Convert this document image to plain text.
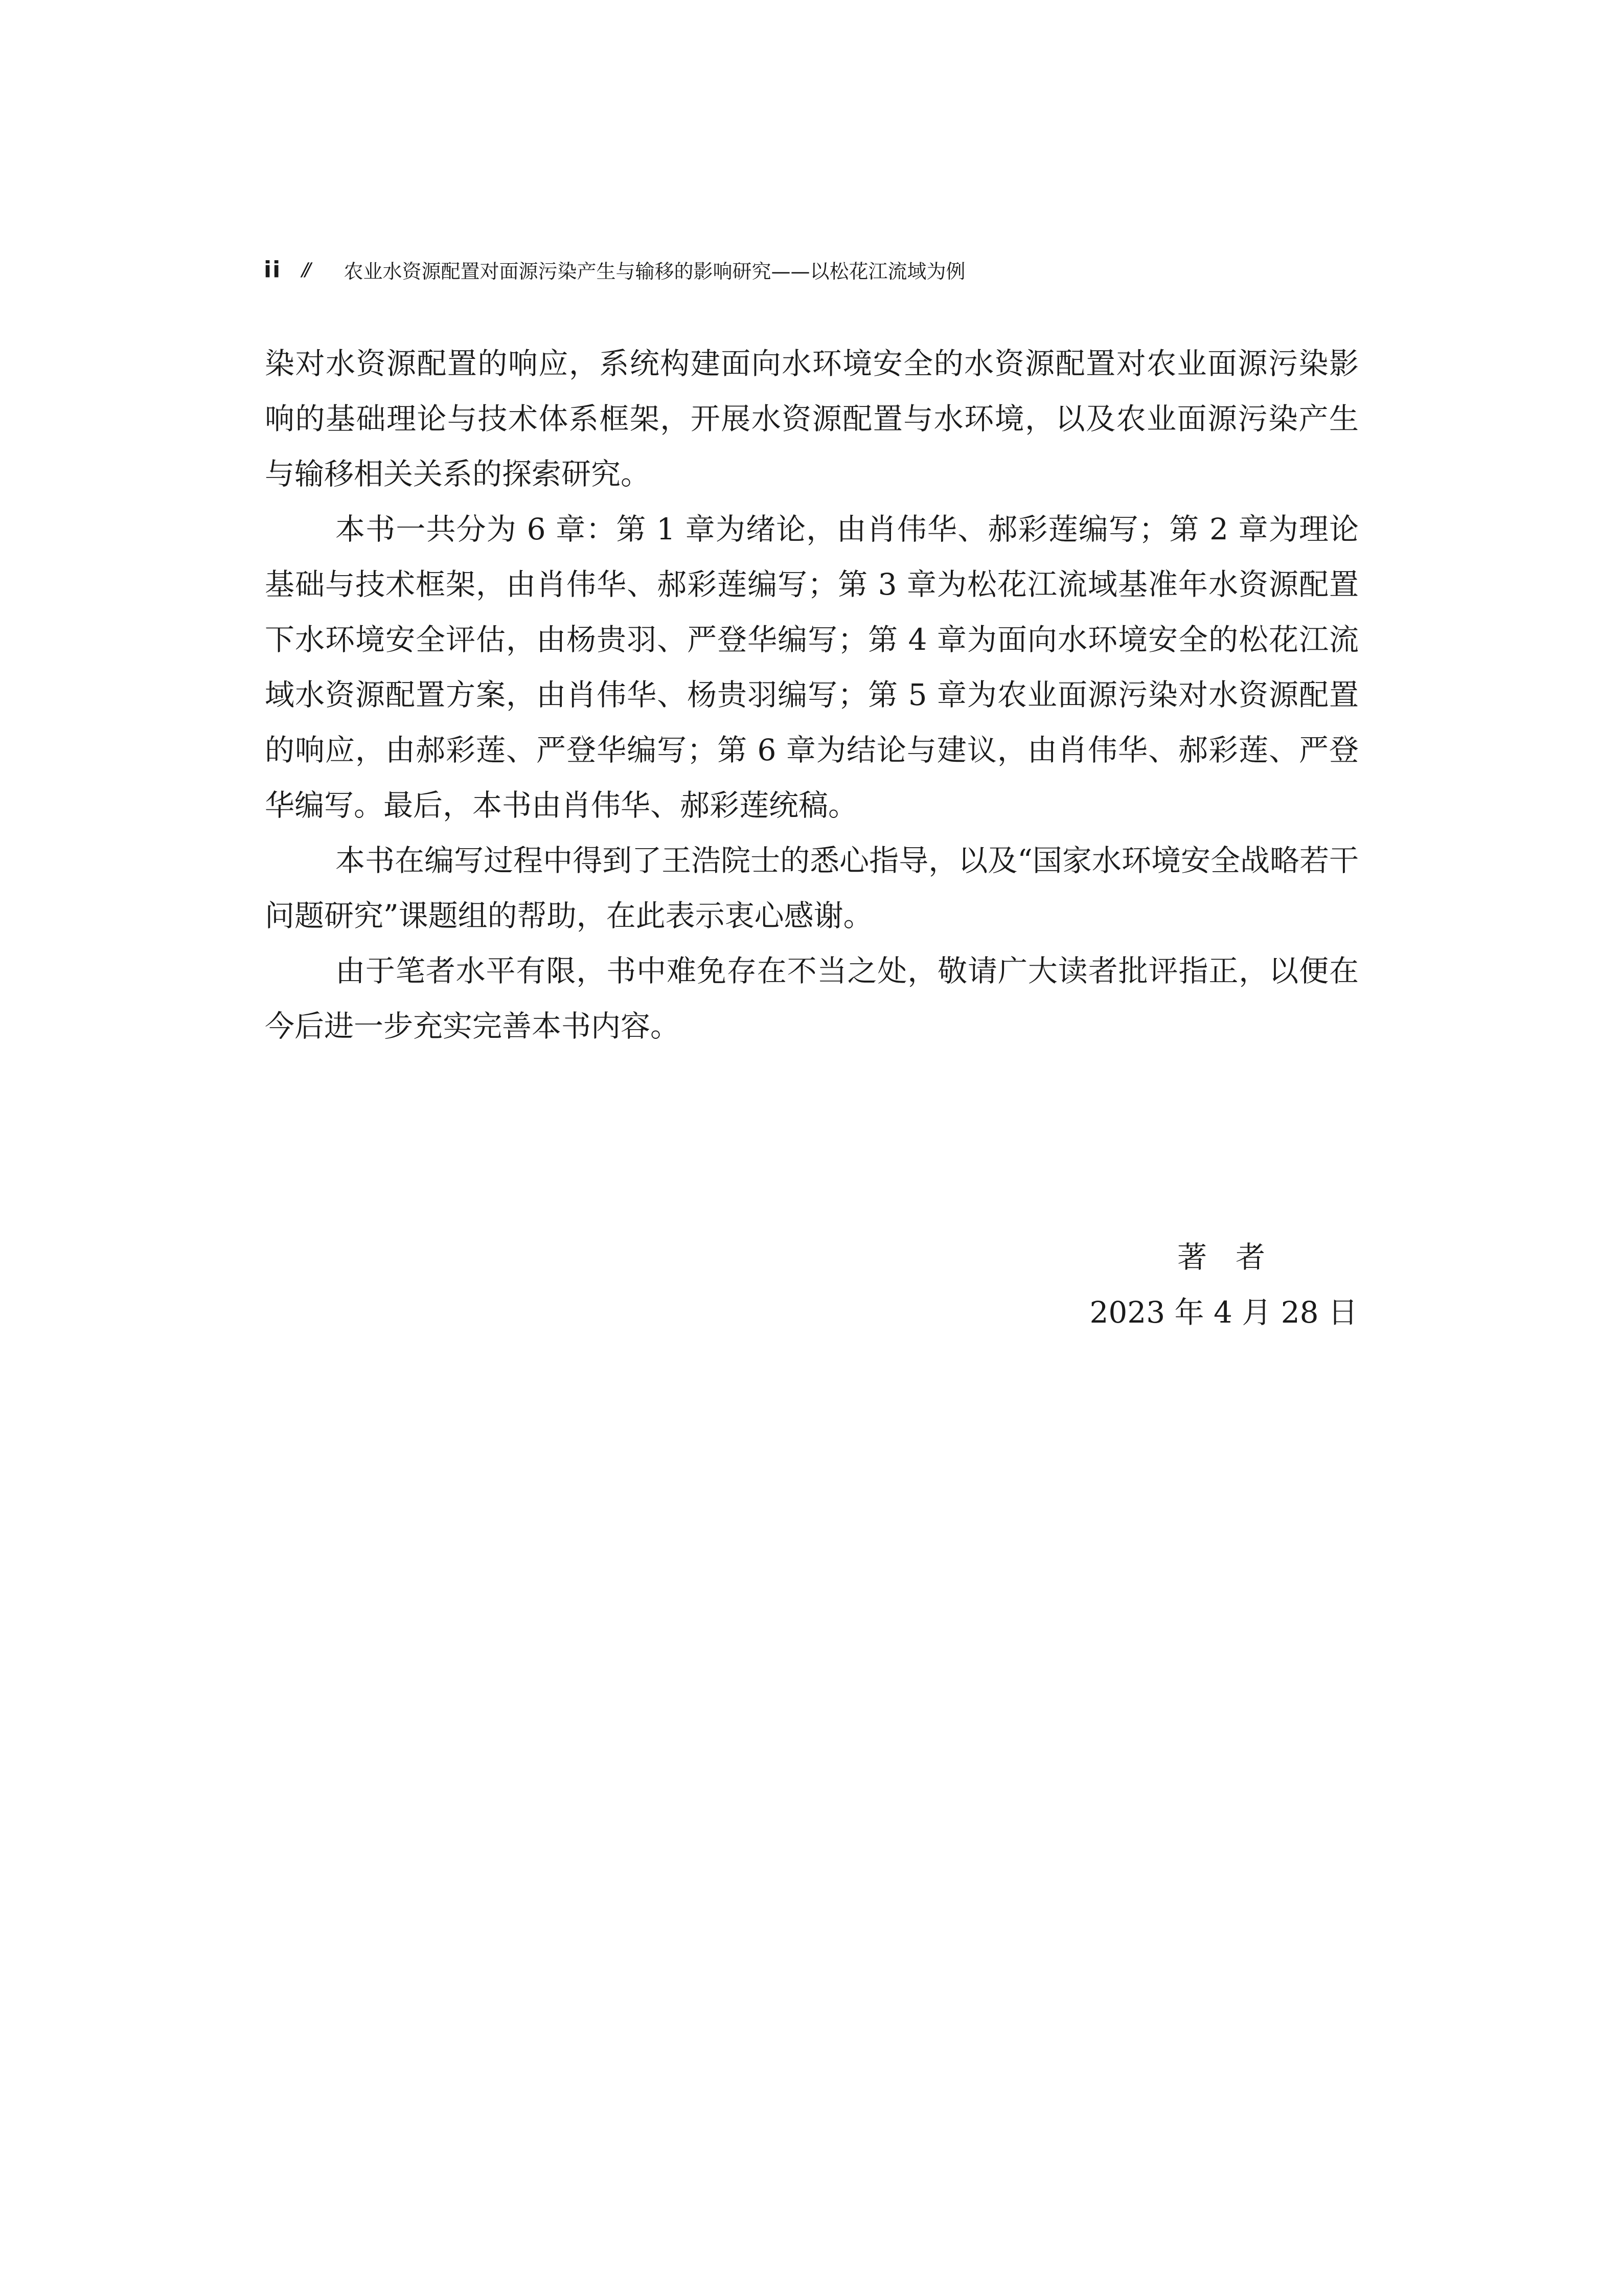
ii // 农业水资源配置对面源污染产生与输移的影响研究——以松花江流域为例

染对水资源配置的响应，系统构建面向水环境安全的水资源配置对农业面源污染影响的基础理论与技术体系框架，开展水资源配置与水环境，以及农业面源污染产生与输移相关关系的探索研究。

本书一共分为 6 章：第 1 章为绪论，由肖伟华、郝彩莲编写；第 2 章为理论基础与技术框架，由肖伟华、郝彩莲编写；第 3 章为松花江流域基准年水资源配置下水环境安全评估，由杨贵羽、严登华编写；第 4 章为面向水环境安全的松花江流域水资源配置方案，由肖伟华、杨贵羽编写；第 5 章为农业面源污染对水资源配置的响应，由郝彩莲、严登华编写；第 6 章为结论与建议，由肖伟华、郝彩莲、严登华编写。最后，本书由肖伟华、郝彩莲统稿。

本书在编写过程中得到了王浩院士的悉心指导，以及“国家水环境安全战略若干问题研究”课题组的帮助，在此表示衷心感谢。

由于笔者水平有限，书中难免存在不当之处，敬请广大读者批评指正，以便在今后进一步充实完善本书内容。

著者
2023 年 4 月 28 日
